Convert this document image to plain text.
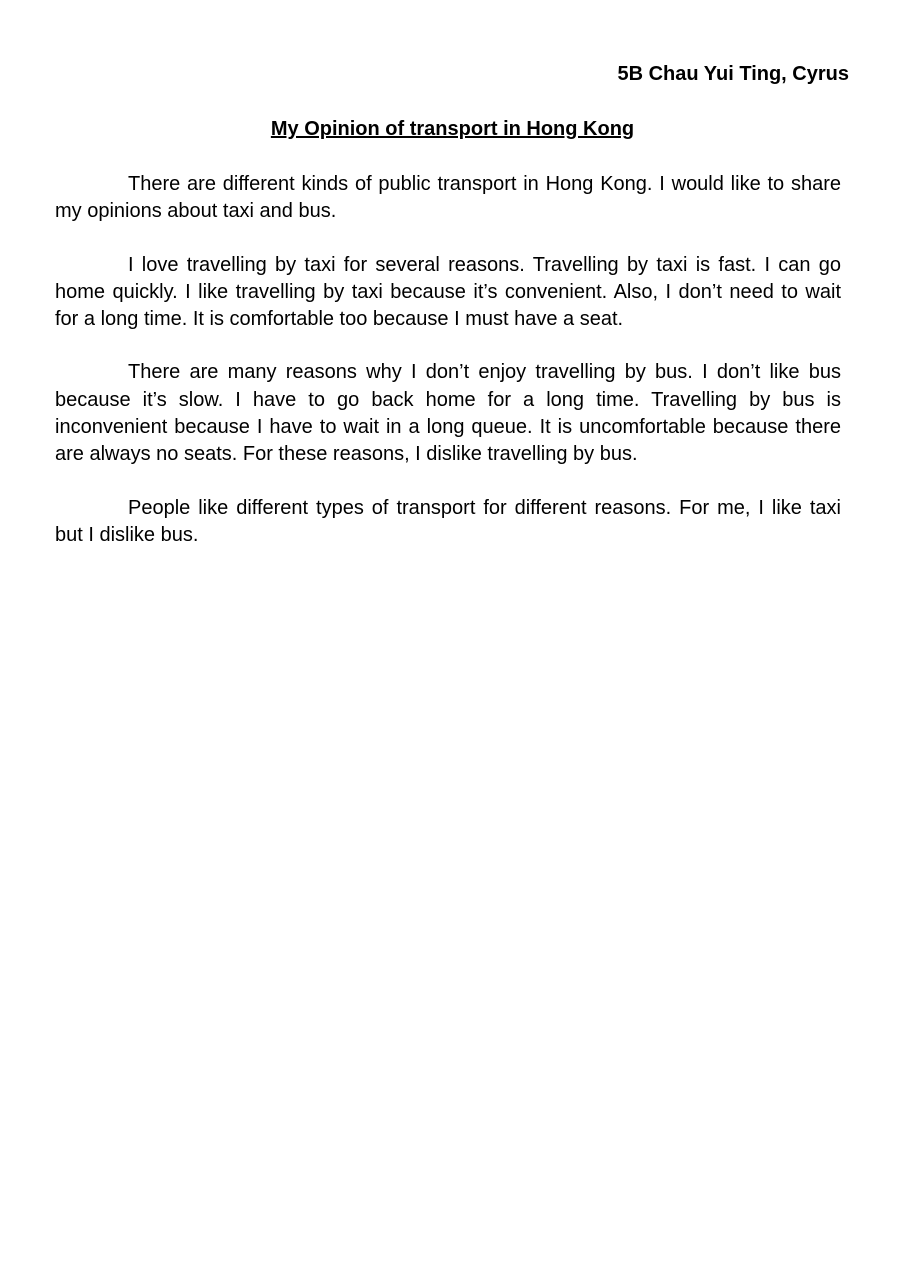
5B Chau Yui Ting, Cyrus
My Opinion of transport in Hong Kong

There are different kinds of public transport in Hong Kong. I would like to share my opinions about taxi and bus.

I love travelling by taxi for several reasons. Travelling by taxi is fast. I can go home quickly. I like travelling by taxi because it’s convenient. Also, I don’t need to wait for a long time. It is comfortable too because I must have a seat.

There are many reasons why I don’t enjoy travelling by bus. I don’t like bus because it’s slow. I have to go back home for a long time. Travelling by bus is inconvenient because I have to wait in a long queue. It is uncomfortable because there are always no seats. For these reasons, I dislike travelling by bus.

People like different types of transport for different reasons. For me, I like taxi but I dislike bus.
